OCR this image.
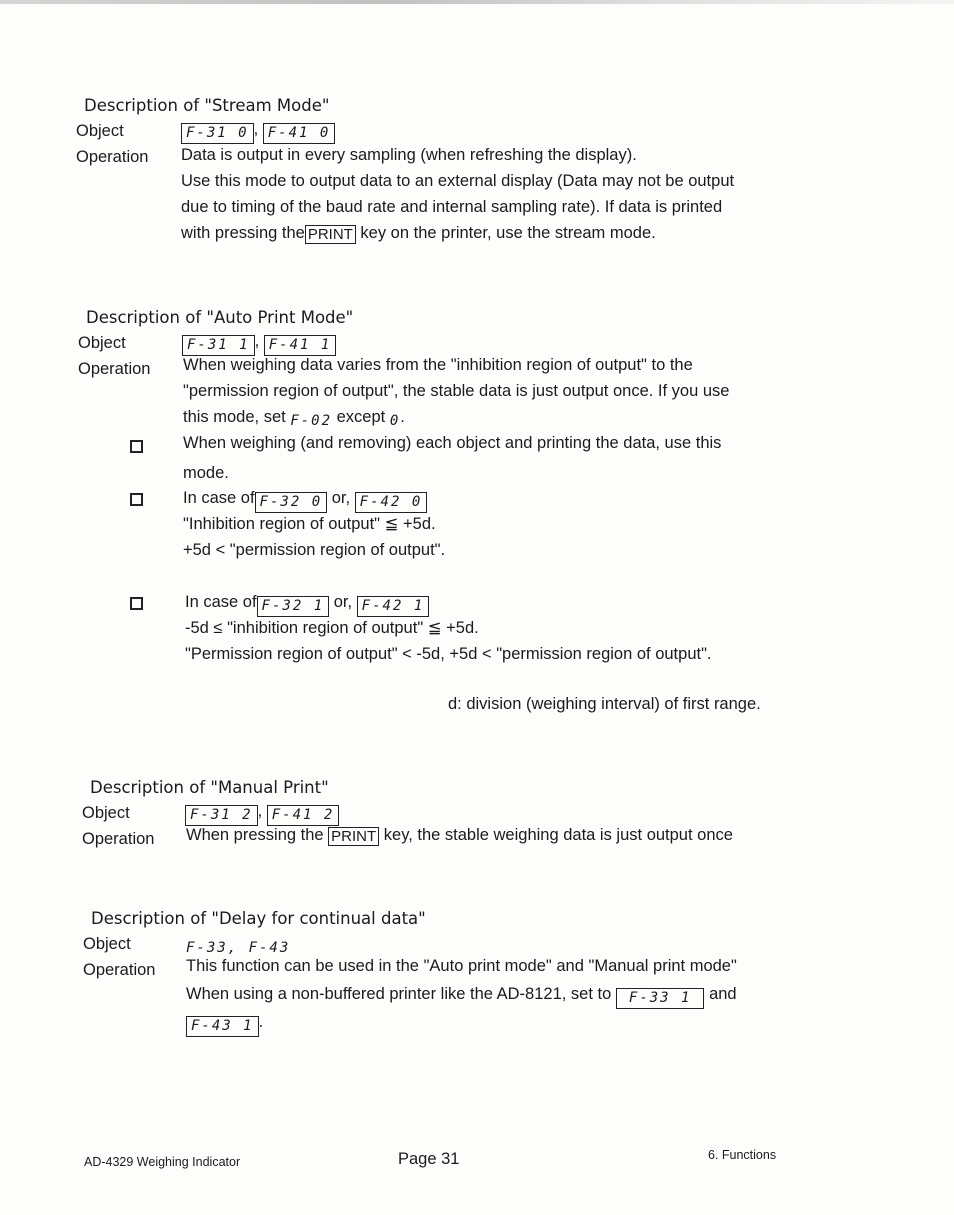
Description of "Stream Mode"
Object	F-31 0 , F-41 0
Operation Data is output in every sampling (when refreshing the display).
Use this mode to output data to an external display (Data may not be output
due to timing of the baud rate and internal sampling rate). If data is printed
with pressing the PRINT key on the printer, use the stream mode.
Description of "Auto Print Mode"
Object	F-31 1 , F-41 1
Operation When weighing data varies from the "inhibition region of output" to the
"permission region of output", the stable data is just output once. If you use
this mode, set F-02 except 0.
When weighing (and removing) each object and printing the data, use this
mode.
In case of F-32 0 or, F-42 0
"Inhibition region of output" ≦ +5d.
+5d < "permission region of output".
In case of F-32 1 or, F-42 1
-5d ≤ "inhibition region of output" ≦ +5d.
"Permission region of output" < -5d, +5d < "permission region of output".
d: division (weighing interval) of first range.
Description of "Manual Print"
Object	F-31 2 , F-41 2
Operation When pressing the PRINT key, the stable weighing data is just output once
Description of "Delay for continual data"
Object	F-33, F-43
Operation This function can be used in the "Auto print mode" and "Manual print mode"
When using a non-buffered printer like the AD-8121, set to F-33 1 and
F-43 1 .
AD-4329 Weighing Indicator	Page 31	6. Functions
